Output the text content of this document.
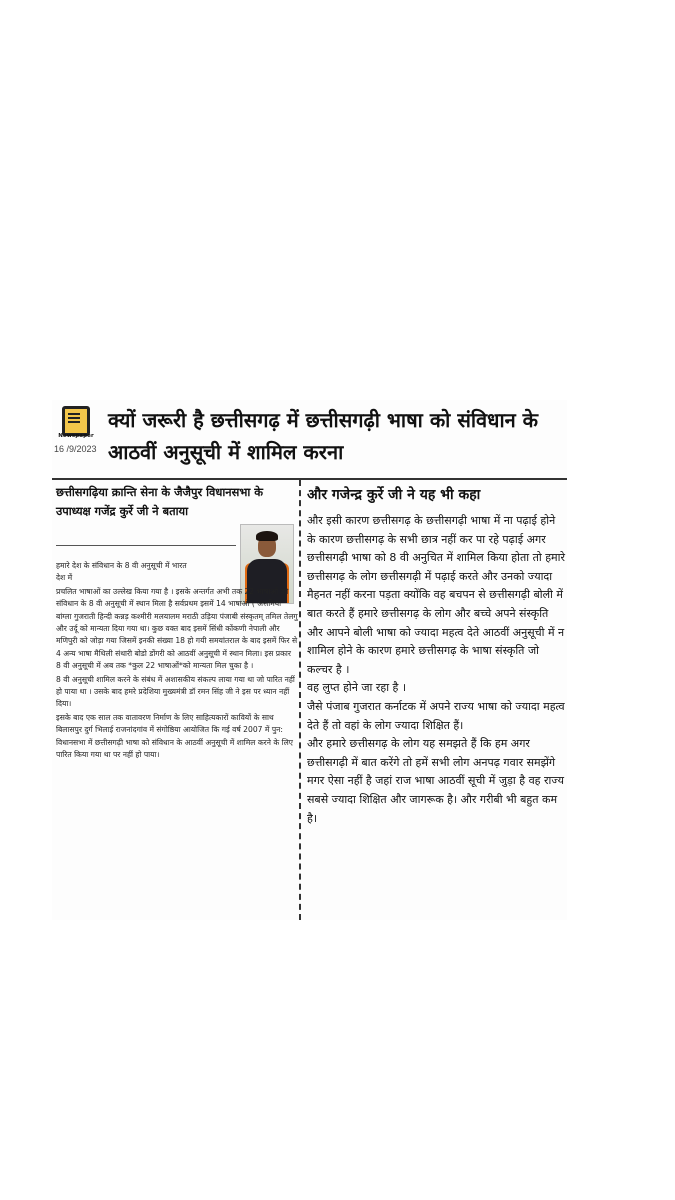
Newspaper
16 /9/2023
क्यों जरूरी है छत्तीसगढ़ में छत्तीसगढ़ी भाषा को संविधान के आठवीं अनुसूची में शामिल करना
छत्तीसगढ़िया क्रान्ति सेना के जैजैपुर विधानसभा के उपाध्यक्ष गजेंद्र कुर्रे जी ने बताया

हमारे देश के संविधान के 8 वी अनुसूची में भारत देश में

प्रचलित भाषाओं का उल्लेख किया गया है । इसके अन्तर्गत अभी तक 22 भाषाओं को संविधान के 8 वी अनुसूची में स्थान मिला है सर्वप्रथम इसमें 14 भाषाओं ( असमिया बांग्ला गुजराती हिन्दी कन्नड़ कश्मीरी मलयालम मराठी उड़िया पंजाबी संस्कृतम् तमिल तेलगु और उर्दू को मान्यता दिया गया था। कुछ वक्त बाद इसमें सिंधी कोंकणी नेपाली और मणिपुरी को जोड़ा गया जिसमें इनकी संख्या 18 हो गयी समयांतराल के बाद इसमें फिर से 4 अन्य भाषा मैथिली संथारी बोडो डोंगरी को आठवीं अनुसूची में स्थान मिला। इस प्रकार 8 वी अनुसूची में अब तक *कुल 22 भाषाओं*को मान्यता मिल चुका है ।

8 वी अनुसूची शामिल करने के संबंध में अशासकीय संकल्प लाया गया था जो पारित नहीं हो पाया था । उसके बाद हमरे प्रदेशिया मुख्यमंत्री डॉ रमन सिंह जी ने इस पर ध्यान नहीं दिया।

इसके बाद एक साल तक वातावरण निर्माण के लिए साहित्यकारों कावियों के साथ बिलासपुर दुर्ग भिलाई राजनांदगांव में संगोष्ठिया आयोजित कि गई वर्ष 2007 में पुन: विधानसभा में छत्तीसगढ़ी भाषा को संविधान के आठवीं अनुसूची में शामिल करने के लिए पारित किया गया था पर नहीं हो पाया।

और गजेन्द्र कुर्रे जी ने यह भी कहा

और इसी कारण छत्तीसगढ़ के छत्तीसगढ़ी भाषा में ना पढ़ाई होने के कारण छत्तीसगढ़ के सभी छात्र नहीं कर पा रहे पढ़ाई अगर छत्तीसगढ़ी भाषा को 8 वी अनुचित में शामिल किया होता तो हमारे छत्तीसगढ़ के लोग छत्तीसगढ़ी में पढ़ाई करते और उनको ज्यादा मैहनत नहीं करना पड़ता क्योंकि वह बचपन से छत्तीसगढ़ी बोली में बात करते हैं हमारे छत्तीसगढ़ के लोग और बच्चे अपने संस्कृति और आपने बोली भाषा को ज्यादा महत्व देते आठवीं अनुसूची में न शामिल होने के कारण हमारे छत्तीसगढ़ के भाषा संस्कृति जो कल्चर है ।

वह लुप्त होने जा रहा है ।

जैसे पंजाब गुजरात कर्नाटक में अपने राज्य भाषा को ज्यादा महत्व देते हैं तो वहां के लोग ज्यादा शिक्षित हैं।

और हमारे छत्तीसगढ़ के लोग यह समझते हैं कि हम अगर छत्तीसगढ़ी में बात करेंगे तो हमें सभी लोग अनपढ़ गवार समझेंगे मगर ऐसा नहीं है जहां राज भाषा आठवीं सूची में जुड़ा है वह राज्य सबसे ज्यादा शिक्षित और जागरूक है। और गरीबी भी बहुत कम है।
